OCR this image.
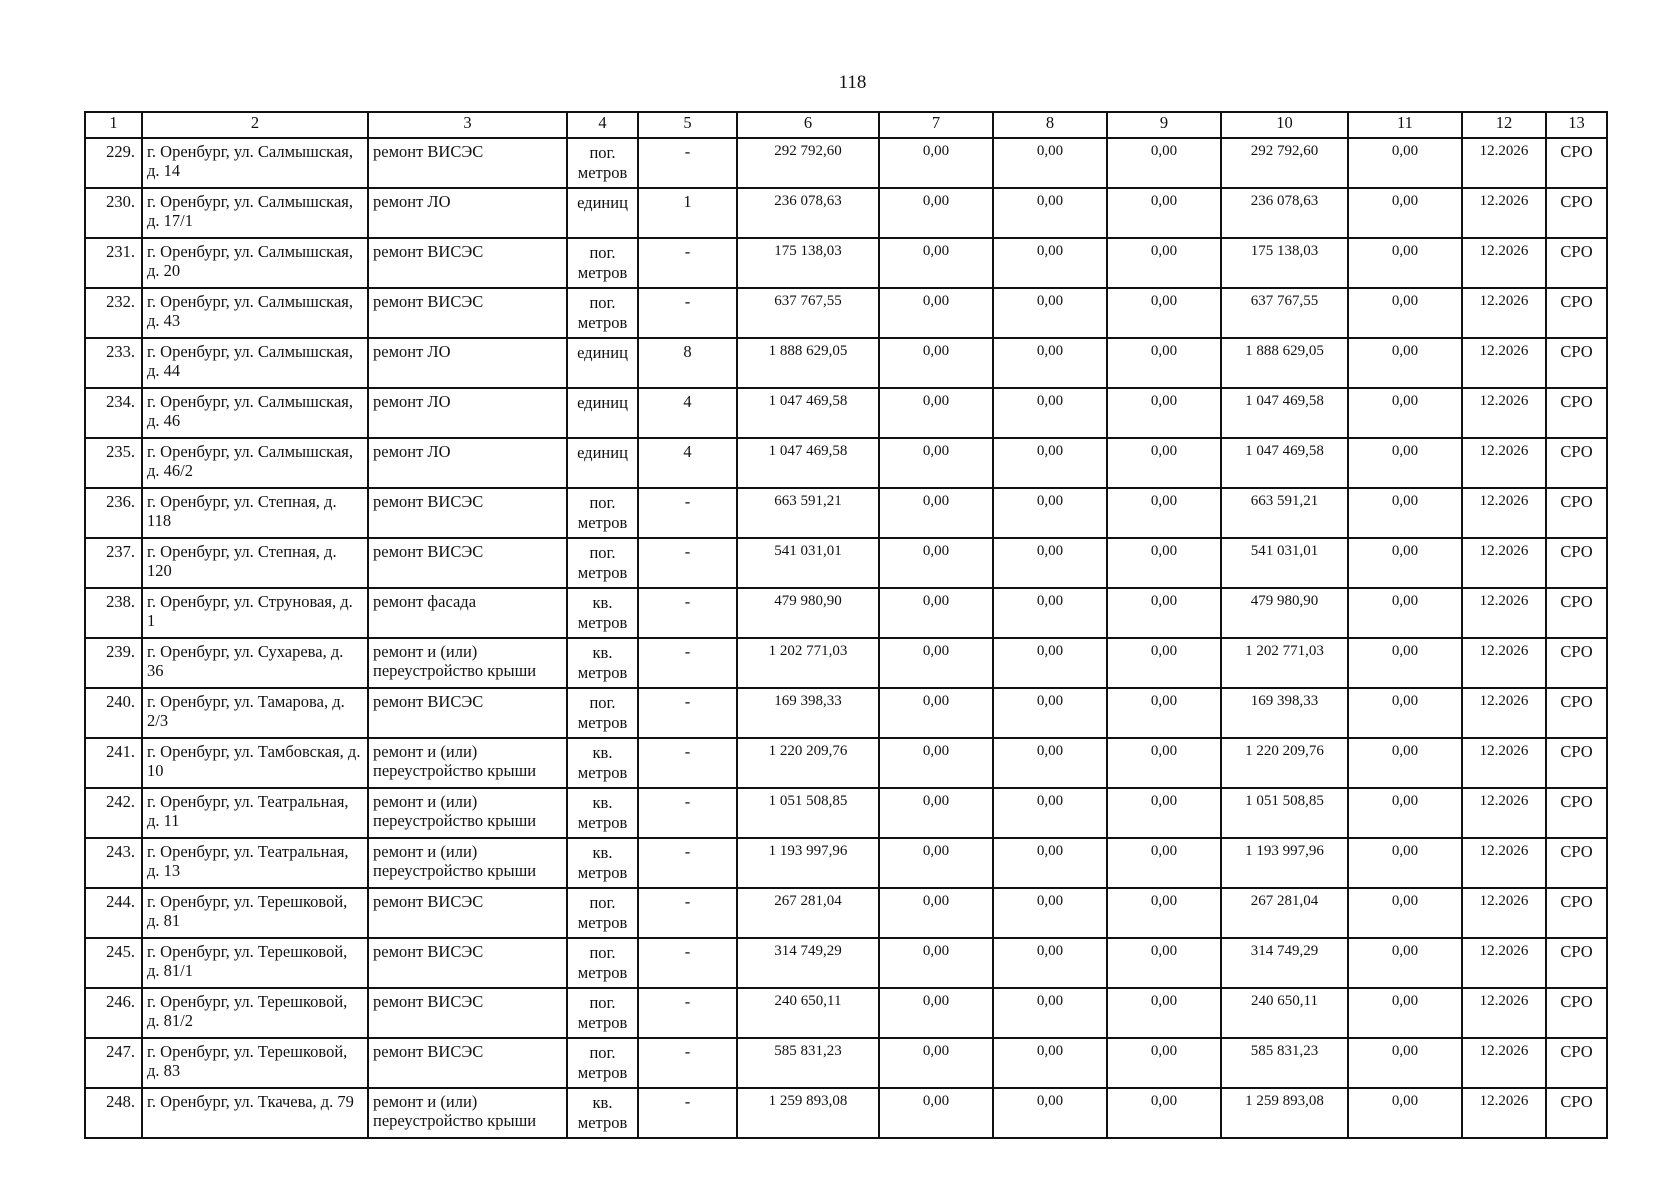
118
1	2	3	4	5	6	7	8	9	10	11	12	13
229.	г. Оренбург, ул. Салмышская, д. 14	ремонт ВИСЭС	пог. метров	-	292 792,60	0,00	0,00	0,00	292 792,60	0,00	12.2026	СРО
230.	г. Оренбург, ул. Салмышская, д. 17/1	ремонт ЛО	единиц	1	236 078,63	0,00	0,00	0,00	236 078,63	0,00	12.2026	СРО
231.	г. Оренбург, ул. Салмышская, д. 20	ремонт ВИСЭС	пог. метров	-	175 138,03	0,00	0,00	0,00	175 138,03	0,00	12.2026	СРО
232.	г. Оренбург, ул. Салмышская, д. 43	ремонт ВИСЭС	пог. метров	-	637 767,55	0,00	0,00	0,00	637 767,55	0,00	12.2026	СРО
233.	г. Оренбург, ул. Салмышская, д. 44	ремонт ЛО	единиц	8	1 888 629,05	0,00	0,00	0,00	1 888 629,05	0,00	12.2026	СРО
234.	г. Оренбург, ул. Салмышская, д. 46	ремонт ЛО	единиц	4	1 047 469,58	0,00	0,00	0,00	1 047 469,58	0,00	12.2026	СРО
235.	г. Оренбург, ул. Салмышская, д. 46/2	ремонт ЛО	единиц	4	1 047 469,58	0,00	0,00	0,00	1 047 469,58	0,00	12.2026	СРО
236.	г. Оренбург, ул. Степная, д. 118	ремонт ВИСЭС	пог. метров	-	663 591,21	0,00	0,00	0,00	663 591,21	0,00	12.2026	СРО
237.	г. Оренбург, ул. Степная, д. 120	ремонт ВИСЭС	пог. метров	-	541 031,01	0,00	0,00	0,00	541 031,01	0,00	12.2026	СРО
238.	г. Оренбург, ул. Струновая, д. 1	ремонт фасада	кв. метров	-	479 980,90	0,00	0,00	0,00	479 980,90	0,00	12.2026	СРО
239.	г. Оренбург, ул. Сухарева, д. 36	ремонт и (или) переустройство крыши	кв. метров	-	1 202 771,03	0,00	0,00	0,00	1 202 771,03	0,00	12.2026	СРО
240.	г. Оренбург, ул. Тамарова, д. 2/3	ремонт ВИСЭС	пог. метров	-	169 398,33	0,00	0,00	0,00	169 398,33	0,00	12.2026	СРО
241.	г. Оренбург, ул. Тамбовская, д. 10	ремонт и (или) переустройство крыши	кв. метров	-	1 220 209,76	0,00	0,00	0,00	1 220 209,76	0,00	12.2026	СРО
242.	г. Оренбург, ул. Театральная, д. 11	ремонт и (или) переустройство крыши	кв. метров	-	1 051 508,85	0,00	0,00	0,00	1 051 508,85	0,00	12.2026	СРО
243.	г. Оренбург, ул. Театральная, д. 13	ремонт и (или) переустройство крыши	кв. метров	-	1 193 997,96	0,00	0,00	0,00	1 193 997,96	0,00	12.2026	СРО
244.	г. Оренбург, ул. Терешковой, д. 81	ремонт ВИСЭС	пог. метров	-	267 281,04	0,00	0,00	0,00	267 281,04	0,00	12.2026	СРО
245.	г. Оренбург, ул. Терешковой, д. 81/1	ремонт ВИСЭС	пог. метров	-	314 749,29	0,00	0,00	0,00	314 749,29	0,00	12.2026	СРО
246.	г. Оренбург, ул. Терешковой, д. 81/2	ремонт ВИСЭС	пог. метров	-	240 650,11	0,00	0,00	0,00	240 650,11	0,00	12.2026	СРО
247.	г. Оренбург, ул. Терешковой, д. 83	ремонт ВИСЭС	пог. метров	-	585 831,23	0,00	0,00	0,00	585 831,23	0,00	12.2026	СРО
248.	г. Оренбург, ул. Ткачева, д. 79	ремонт и (или) переустройство крыши	кв. метров	-	1 259 893,08	0,00	0,00	0,00	1 259 893,08	0,00	12.2026	СРО
